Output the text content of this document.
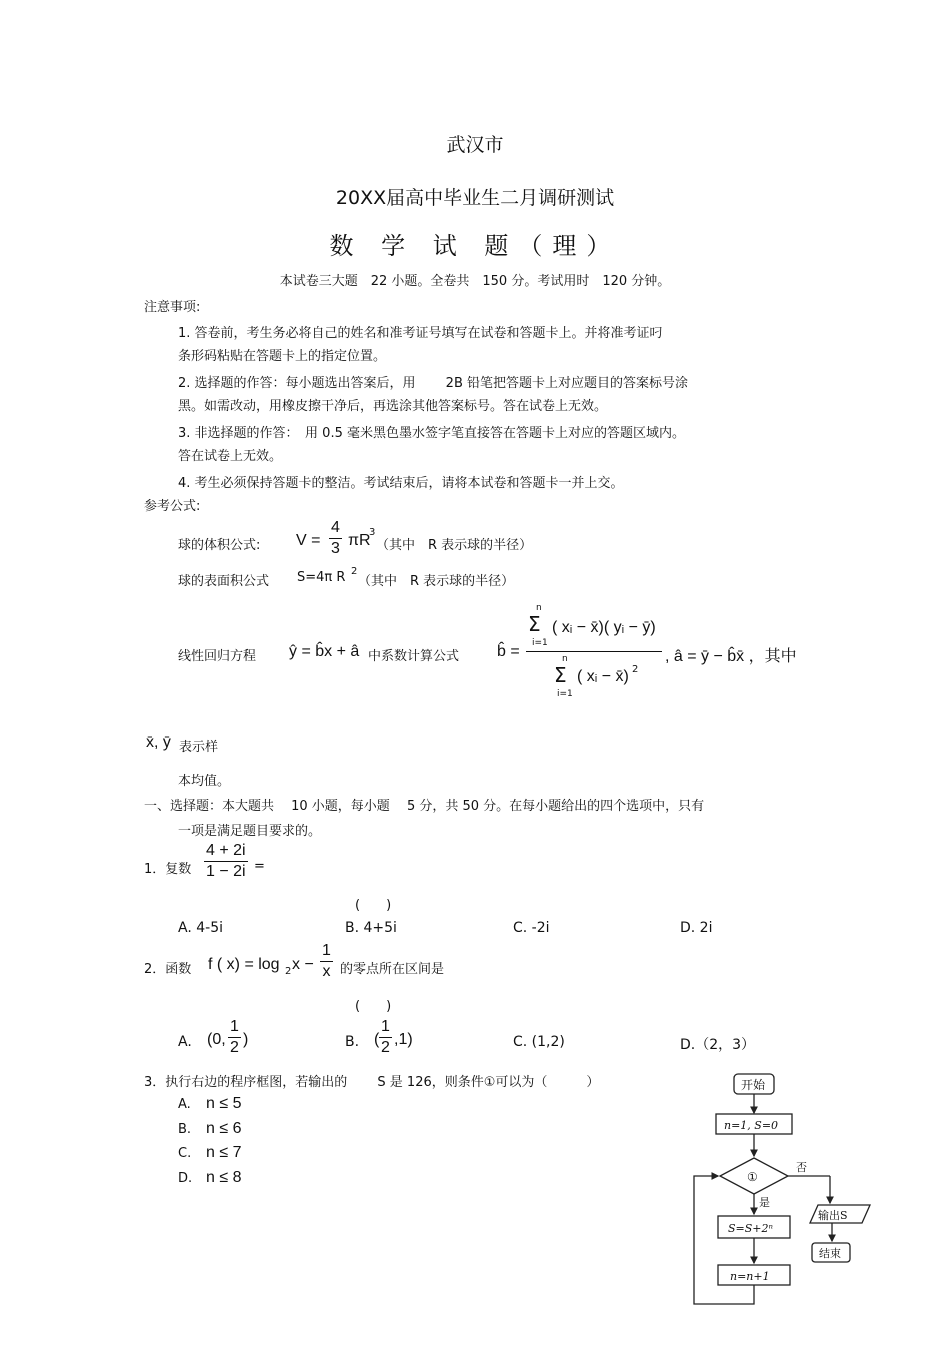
武汉市
20XX届高中毕业生二月调研测试
数 学 试 题（理）
本试卷三大题　22 小题。全卷共　150 分。考试用时　120 分钟。
注意事项:
1. 答卷前，考生务必将自己的姓名和准考证号填写在试卷和答题卡上。并将准考证叼
条形码粘贴在答题卡上的指定位置。
2. 选择题的作答：每小题选出答案后，用　　 2B 铅笔把答题卡上对应题目的答案标号涂
黑。如需改动，用橡皮擦干净后，再选涂其他答案标号。答在试卷上无效。
3. 非选择题的作答：　用 0.5 毫米黑色墨水签字笔直接答在答题卡上对应的答题区域内。
答在试卷上无效。
4. 考生必须保持答题卡的整洁。考试结束后，请将本试卷和答题卡一并上交。
参考公式:
球的体积公式: $V = \frac{4}{3}$ πR
3
（其中　R 表示球的半径）
球的表面积公式 S=4π R 2
（其中　R 表示球的半径）
线性回归方程 ŷ = b̂x + â 中系数计算公式 b̂ =
n
Σ
i=1
( xᵢ − x̄)( yᵢ − ȳ)
n
Σ
i=1
( xᵢ − x̄) 2
, â = ȳ − b̂x̄ ，其中
x̄, ȳ 表示样
本均值。
一、选择题：本大题共　 10 小题，每小题　 5 分，共 50 分。在每小题给出的四个选项中，只有
一项是满足题目要求的。
1．复数 $\frac{4 + 2i}{1 - 2i}$ =
(　　)
A. 4-5i	B. 4+5i	C. -2i	D. 2i
2．函数 f ( x) = log 2 $x - \frac{1}{x}$ 的零点所在区间是
(　　)
A. (0, $\frac{1}{2}$ )	B. ( $\frac{1}{2} ,1$)	C. (1,2)	D.（2，3）
3．执行右边的程序框图，若输出的　　 S 是 126，则条件①可以为（　　　）
A. n ≤ 5
B. n ≤ 6
C. n ≤ 7
D. n ≤ 8
开始
n=1, S=0
①
否
是
输出S
结束
S=S+2ⁿ
n=n+1
